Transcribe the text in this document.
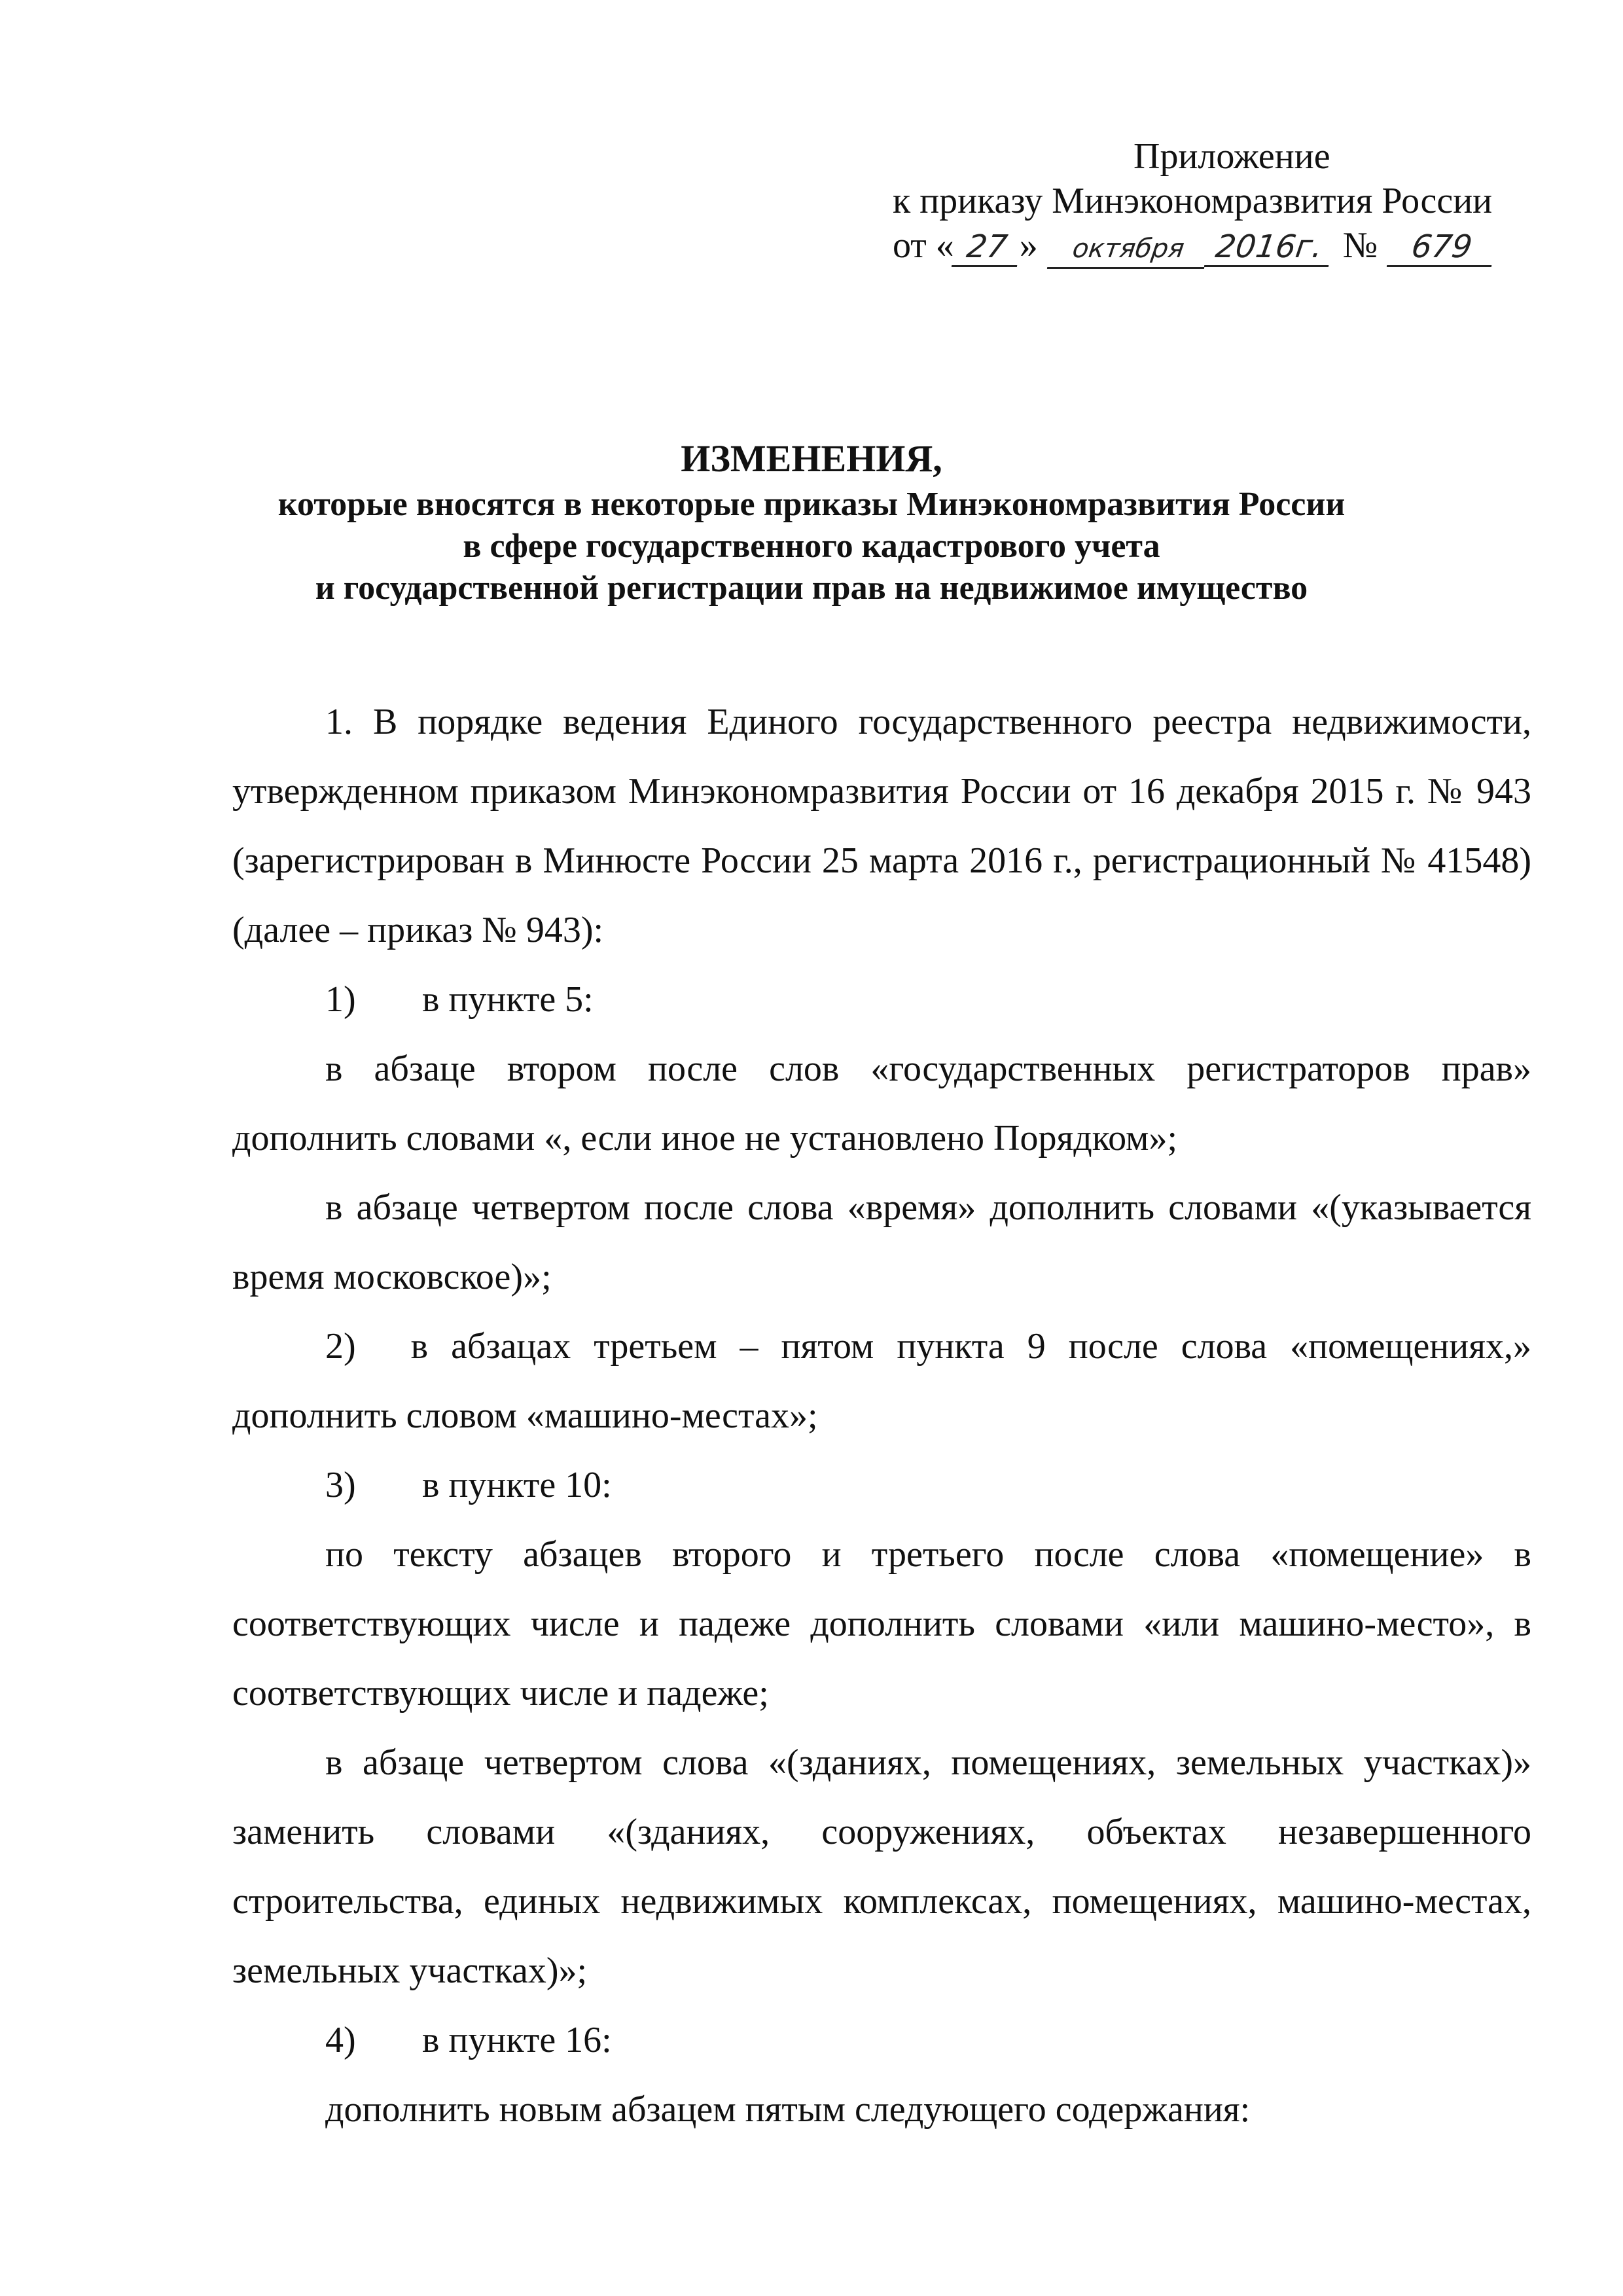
Приложение
к приказу Минэкономразвития России
от « 27 » октября 2016г. № 679
ИЗМЕНЕНИЯ,
которые вносятся в некоторые приказы Минэкономразвития России
в сфере государственного кадастрового учета
и государственной регистрации прав на недвижимое имущество
1. В порядке ведения Единого государственного реестра недвижимости, утвержденном приказом Минэкономразвития России от 16 декабря 2015 г. № 943 (зарегистрирован в Минюсте России 25 марта 2016 г., регистрационный № 41548) (далее – приказ № 943):
1)	в пункте 5:
в абзаце втором после слов «государственных регистраторов прав» дополнить словами «, если иное не установлено Порядком»;
в абзаце четвертом после слова «время» дополнить словами «(указывается время московское)»;
2) в абзацах третьем – пятом пункта 9 после слова «помещениях,» дополнить словом «машино-местах»;
3)	в пункте 10:
по тексту абзацев второго и третьего после слова «помещение» в соответствующих числе и падеже дополнить словами «или машино-место», в соответствующих числе и падеже;
в абзаце четвертом слова «(зданиях, помещениях, земельных участках)» заменить словами «(зданиях, сооружениях, объектах незавершенного строительства, единых недвижимых комплексах, помещениях, машино-местах, земельных участках)»;
4)	в пункте 16:
дополнить новым абзацем пятым следующего содержания:
